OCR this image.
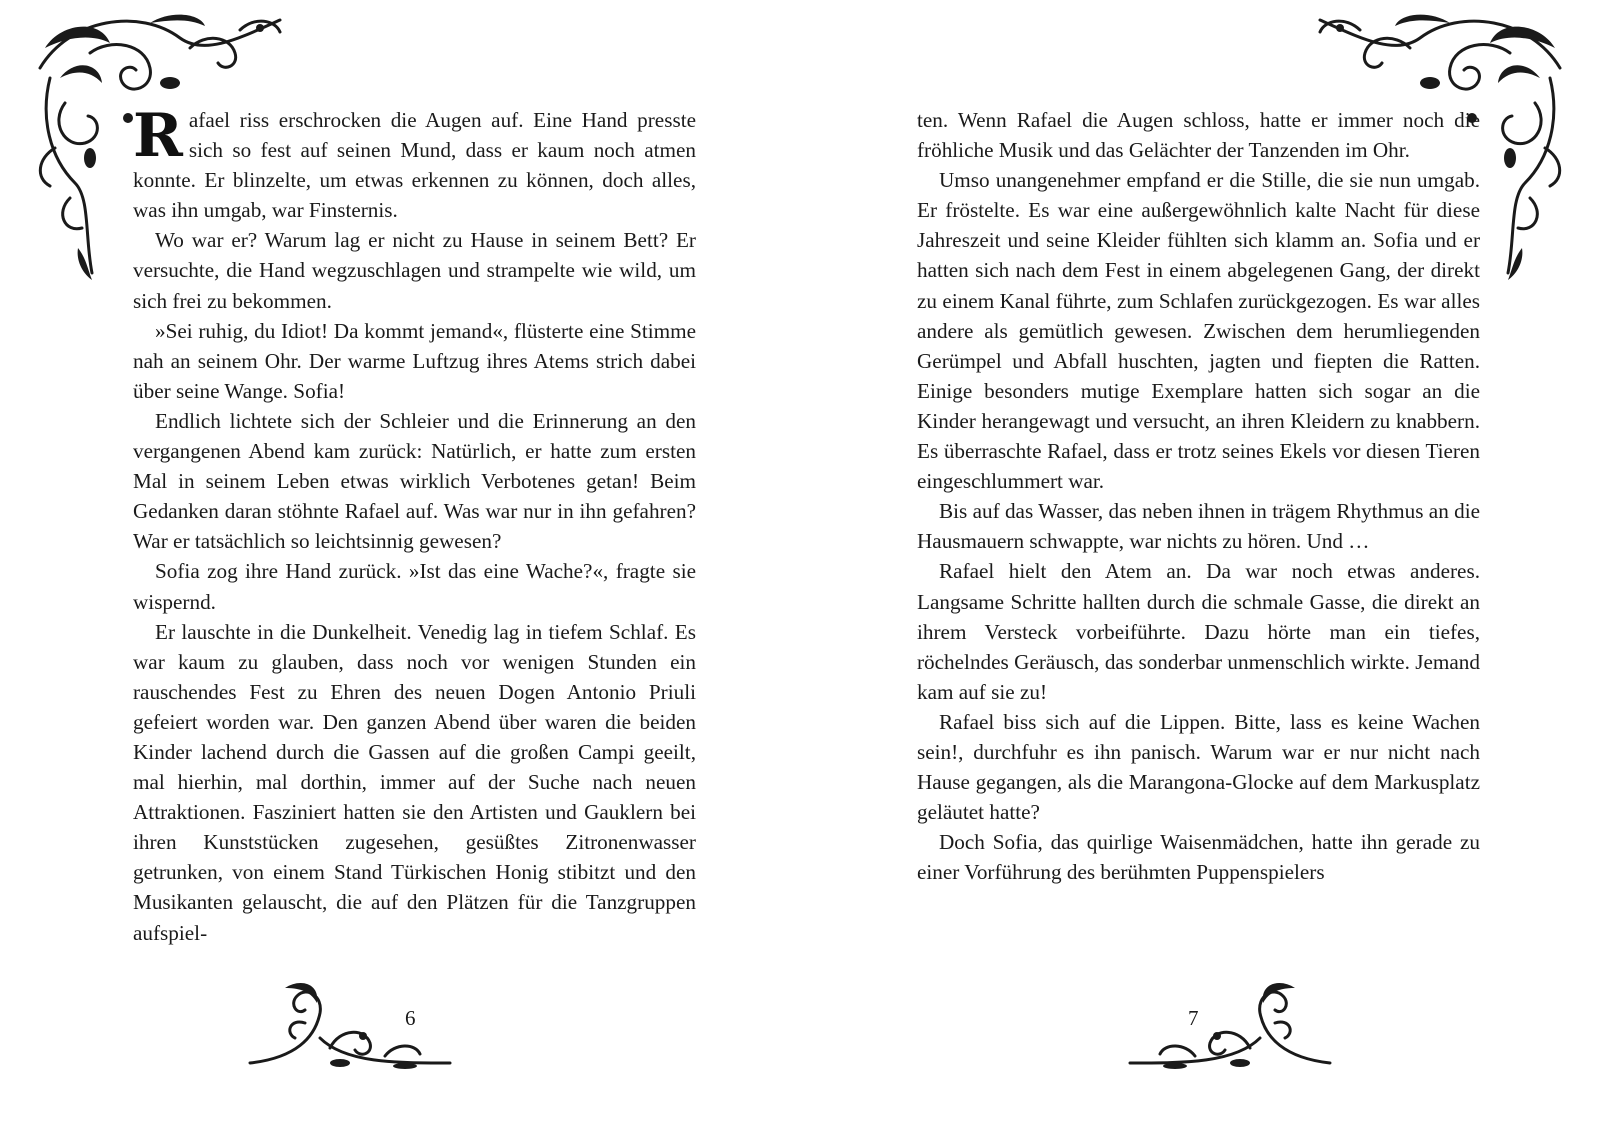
Rafael riss erschrocken die Augen auf. Eine Hand presste sich so fest auf seinen Mund, dass er kaum noch atmen konnte. Er blinzelte, um etwas erkennen zu können, doch alles, was ihn umgab, war Finsternis.

Wo war er? Warum lag er nicht zu Hause in seinem Bett? Er versuchte, die Hand wegzuschlagen und strampelte wie wild, um sich frei zu bekommen.

»Sei ruhig, du Idiot! Da kommt jemand«, flüsterte eine Stimme nah an seinem Ohr. Der warme Luftzug ihres Atems strich dabei über seine Wange. Sofia!

Endlich lichtete sich der Schleier und die Erinnerung an den vergangenen Abend kam zurück: Natürlich, er hatte zum ersten Mal in seinem Leben etwas wirklich Verbotenes getan! Beim Gedanken daran stöhnte Rafael auf. Was war nur in ihn gefahren? War er tatsächlich so leichtsinnig gewesen?

Sofia zog ihre Hand zurück. »Ist das eine Wache?«, fragte sie wispernd.

Er lauschte in die Dunkelheit. Venedig lag in tiefem Schlaf. Es war kaum zu glauben, dass noch vor wenigen Stunden ein rauschendes Fest zu Ehren des neuen Dogen Antonio Priuli gefeiert worden war. Den ganzen Abend über waren die beiden Kinder lachend durch die Gassen auf die großen Campi geeilt, mal hierhin, mal dorthin, immer auf der Suche nach neuen Attraktionen. Fasziniert hatten sie den Artisten und Gauklern bei ihren Kunststücken zugesehen, gesüßtes Zitronenwasser getrunken, von einem Stand Türkischen Honig stibitzt und den Musikanten gelauscht, die auf den Plätzen für die Tanzgruppen aufspiel-

6

ten. Wenn Rafael die Augen schloss, hatte er immer noch die fröhliche Musik und das Gelächter der Tanzenden im Ohr.

Umso unangenehmer empfand er die Stille, die sie nun umgab. Er fröstelte. Es war eine außergewöhnlich kalte Nacht für diese Jahreszeit und seine Kleider fühlten sich klamm an. Sofia und er hatten sich nach dem Fest in einem abgelegenen Gang, der direkt zu einem Kanal führte, zum Schlafen zurückgezogen. Es war alles andere als gemütlich gewesen. Zwischen dem herumliegenden Gerümpel und Abfall huschten, jagten und fiepten die Ratten. Einige besonders mutige Exemplare hatten sich sogar an die Kinder herangewagt und versucht, an ihren Kleidern zu knabbern. Es überraschte Rafael, dass er trotz seines Ekels vor diesen Tieren eingeschlummert war.

Bis auf das Wasser, das neben ihnen in trägem Rhythmus an die Hausmauern schwappte, war nichts zu hören. Und …

Rafael hielt den Atem an. Da war noch etwas anderes. Langsame Schritte hallten durch die schmale Gasse, die direkt an ihrem Versteck vorbeiführte. Dazu hörte man ein tiefes, röchelndes Geräusch, das sonderbar unmenschlich wirkte. Jemand kam auf sie zu!

Rafael biss sich auf die Lippen. Bitte, lass es keine Wachen sein!, durchfuhr es ihn panisch. Warum war er nur nicht nach Hause gegangen, als die Marangona-Glocke auf dem Markusplatz geläutet hatte?

Doch Sofia, das quirlige Waisenmädchen, hatte ihn gerade zu einer Vorführung des berühmten Puppenspielers

7
